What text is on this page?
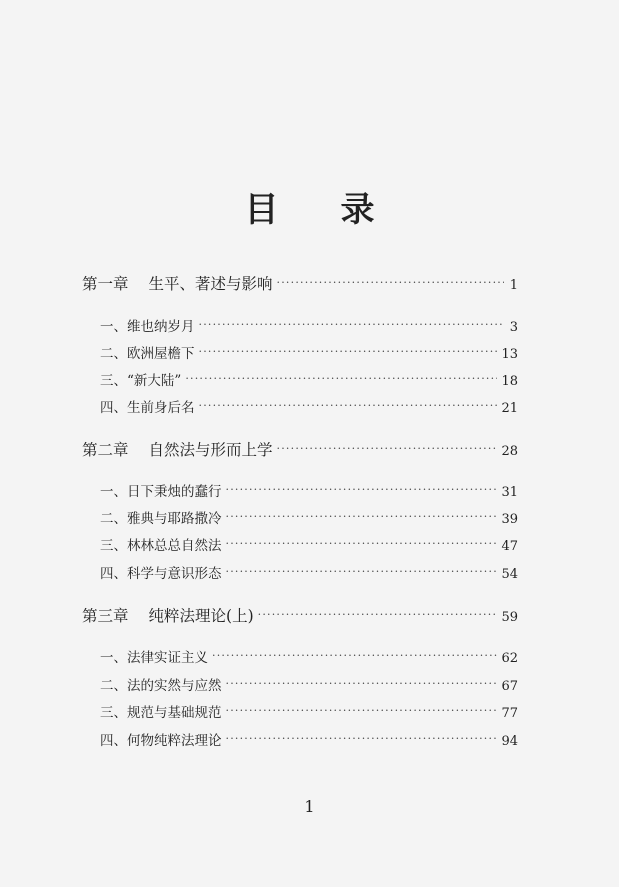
目 录
第一章 生平、著述与影响 ·····	1
一、维也纳岁月 ·····	3
二、欧洲屋檐下 ·····	13
三、“新大陆” ·····	18
四、生前身后名 ·····	21
第二章 自然法与形而上学 ·····	28
一、日下秉烛的蠢行 ·····	31
二、雅典与耶路撒冷 ·····	39
三、林林总总自然法 ·····	47
四、科学与意识形态 ·····	54
第三章 纯粹法理论(上) ·····	59
一、法律实证主义 ·····	62
二、法的实然与应然 ·····	67
三、规范与基础规范 ·····	77
四、何物纯粹法理论 ·····	94
1
